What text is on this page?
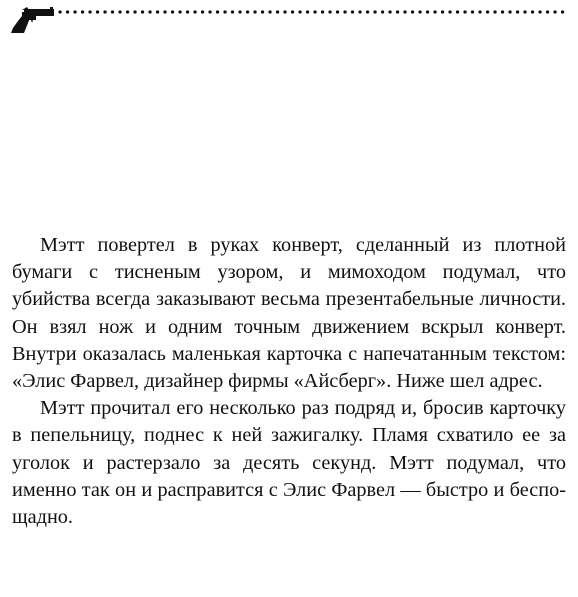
Мэтт повертел в руках конверт, сделанный из плотной бумаги с тисненым узором, и мимоходом подумал, что убийства всегда заказывают весьма презентабельные личности. Он взял нож и одним точным движением вскрыл конверт. Внутри оказалась маленькая карточка с напечатанным текстом: «Элис Фарвел, дизайнер фирмы «Айсберг». Ниже шел адрес.

Мэтт прочитал его несколько раз подряд и, бросив карточку в пепельницу, поднес к ней зажигалку. Пламя схватило ее за уголок и растерзало за десять секунд. Мэтт подумал, что именно так он и расправится с Элис Фарвел — быстро и беспощадно.
